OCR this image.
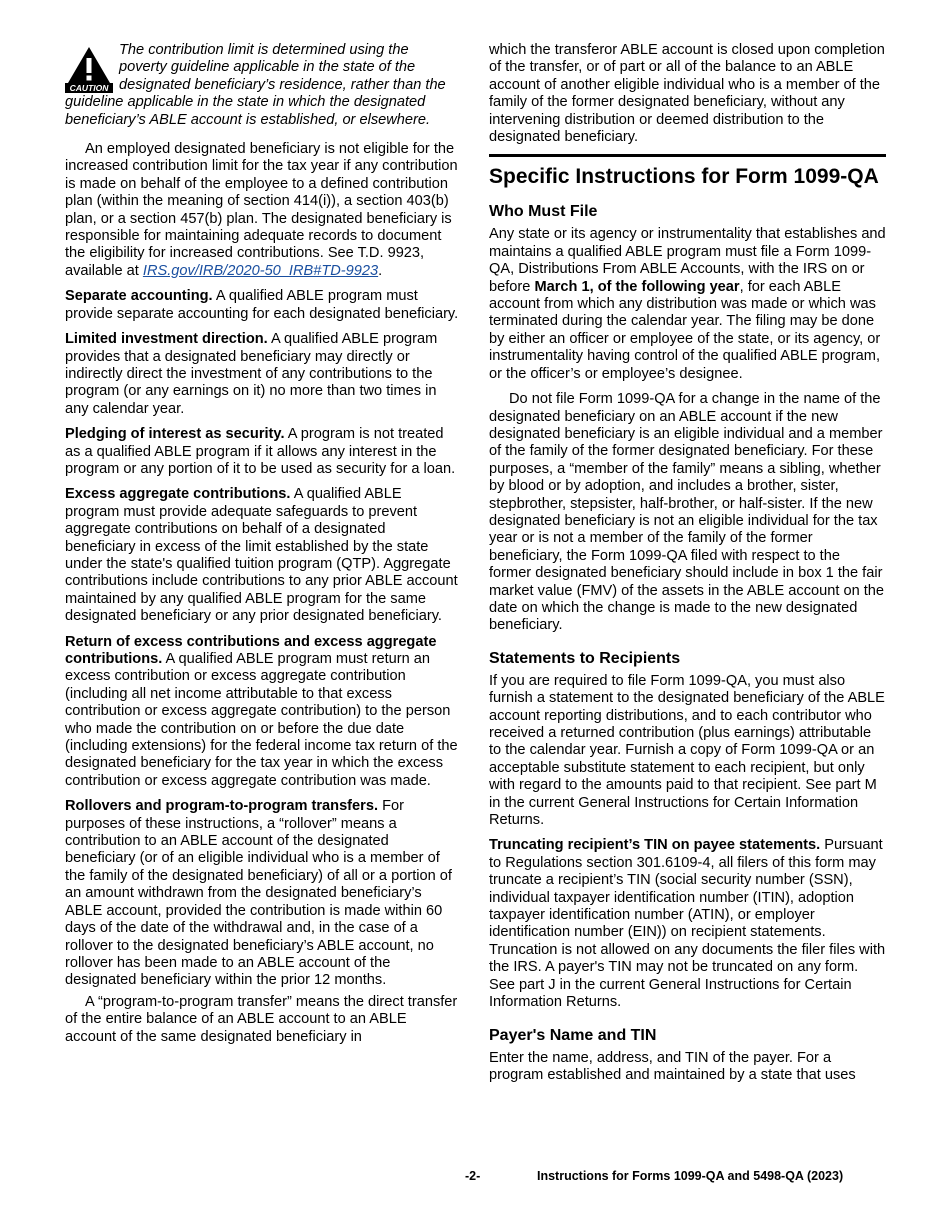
CAUTION
The contribution limit is determined using the poverty guideline applicable in the state of the designated beneficiary’s residence, rather than the guideline applicable in the state in which the designated beneficiary’s ABLE account is established, or elsewhere.

An employed designated beneficiary is not eligible for the increased contribution limit for the tax year if any contribution is made on behalf of the employee to a defined contribution plan (within the meaning of section 414(i)), a section 403(b) plan, or a section 457(b) plan. The designated beneficiary is responsible for maintaining adequate records to document the eligibility for increased contributions. See T.D. 9923, available at IRS.gov/IRB/2020-50_IRB#TD-9923.

Separate accounting. A qualified ABLE program must provide separate accounting for each designated beneficiary.

Limited investment direction. A qualified ABLE program provides that a designated beneficiary may directly or indirectly direct the investment of any contributions to the program (or any earnings on it) no more than two times in any calendar year.

Pledging of interest as security. A program is not treated as a qualified ABLE program if it allows any interest in the program or any portion of it to be used as security for a loan.

Excess aggregate contributions. A qualified ABLE program must provide adequate safeguards to prevent aggregate contributions on behalf of a designated beneficiary in excess of the limit established by the state under the state's qualified tuition program (QTP). Aggregate contributions include contributions to any prior ABLE account maintained by any qualified ABLE program for the same designated beneficiary or any prior designated beneficiary.

Return of excess contributions and excess aggregate contributions. A qualified ABLE program must return an excess contribution or excess aggregate contribution (including all net income attributable to that excess contribution or excess aggregate contribution) to the person who made the contribution on or before the due date (including extensions) for the federal income tax return of the designated beneficiary for the tax year in which the excess contribution or excess aggregate contribution was made.

Rollovers and program-to-program transfers. For purposes of these instructions, a “rollover” means a contribution to an ABLE account of the designated beneficiary (or of an eligible individual who is a member of the family of the designated beneficiary) of all or a portion of an amount withdrawn from the designated beneficiary’s ABLE account, provided the contribution is made within 60 days of the date of the withdrawal and, in the case of a rollover to the designated beneficiary’s ABLE account, no rollover has been made to an ABLE account of the designated beneficiary within the prior 12 months.

A “program-to-program transfer” means the direct transfer of the entire balance of an ABLE account to an ABLE account of the same designated beneficiary in

which the transferor ABLE account is closed upon completion of the transfer, or of part or all of the balance to an ABLE account of another eligible individual who is a member of the family of the former designated beneficiary, without any intervening distribution or deemed distribution to the designated beneficiary.

Specific Instructions for Form 1099-QA
Who Must File

Any state or its agency or instrumentality that establishes and maintains a qualified ABLE program must file a Form 1099-QA, Distributions From ABLE Accounts, with the IRS on or before March 1, of the following year, for each ABLE account from which any distribution was made or which was terminated during the calendar year. The filing may be done by either an officer or employee of the state, or its agency, or instrumentality having control of the qualified ABLE program, or the officer’s or employee’s designee.

Do not file Form 1099-QA for a change in the name of the designated beneficiary on an ABLE account if the new designated beneficiary is an eligible individual and a member of the family of the former designated beneficiary. For these purposes, a “member of the family” means a sibling, whether by blood or by adoption, and includes a brother, sister, stepbrother, stepsister, half-brother, or half-sister. If the new designated beneficiary is not an eligible individual for the tax year or is not a member of the family of the former beneficiary, the Form 1099-QA filed with respect to the former designated beneficiary should include in box 1 the fair market value (FMV) of the assets in the ABLE account on the date on which the change is made to the new designated beneficiary.

Statements to Recipients

If you are required to file Form 1099-QA, you must also furnish a statement to the designated beneficiary of the ABLE account reporting distributions, and to each contributor who received a returned contribution (plus earnings) attributable to the calendar year. Furnish a copy of Form 1099-QA or an acceptable substitute statement to each recipient, but only with regard to the amounts paid to that recipient. See part M in the current General Instructions for Certain Information Returns.

Truncating recipient’s TIN on payee statements. Pursuant to Regulations section 301.6109-4, all filers of this form may truncate a recipient’s TIN (social security number (SSN), individual taxpayer identification number (ITIN), adoption taxpayer identification number (ATIN), or employer identification number (EIN)) on recipient statements. Truncation is not allowed on any documents the filer files with the IRS. A payer's TIN may not be truncated on any form. See part J in the current General Instructions for Certain Information Returns.

Payer's Name and TIN

Enter the name, address, and TIN of the payer. For a program established and maintained by a state that uses

-2-	Instructions for Forms 1099-QA and 5498-QA (2023)
